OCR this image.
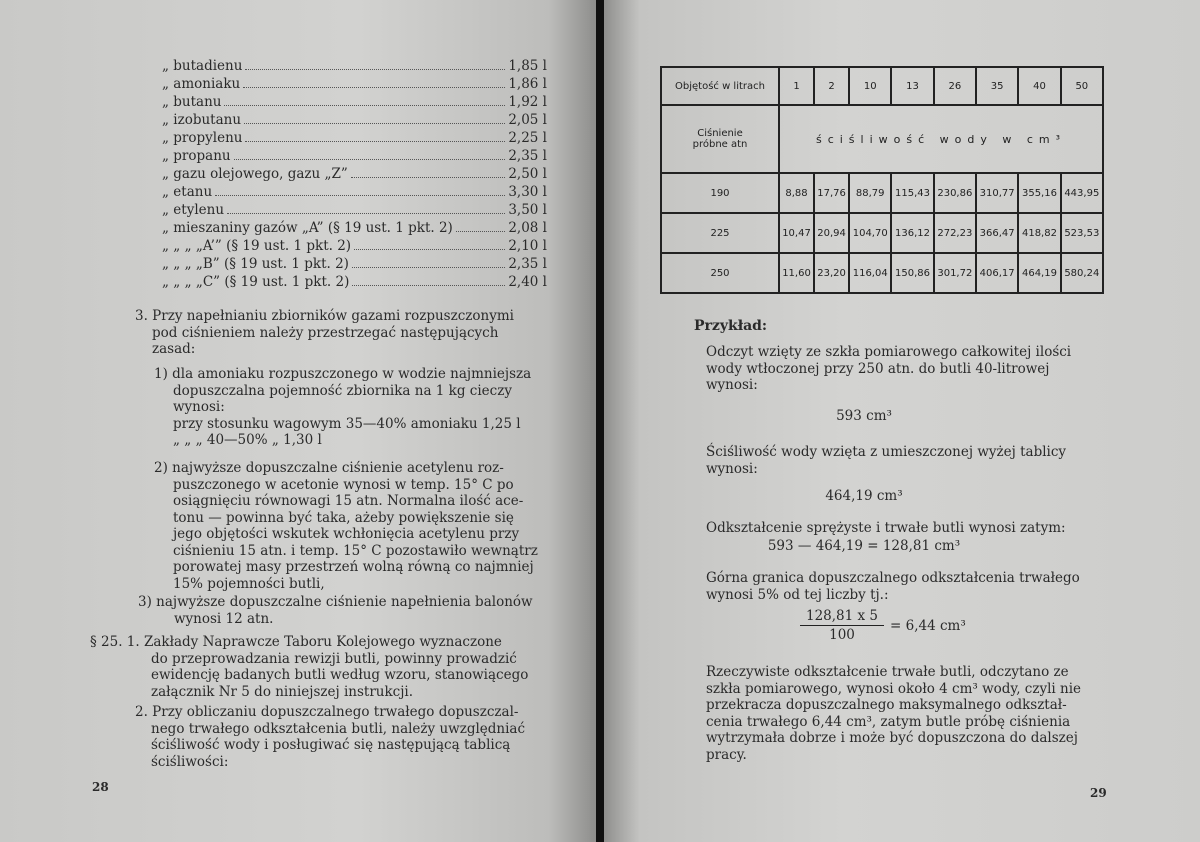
„ butadienu	1,85 l
„ amoniaku	1,86 l
„ butanu	1,92 l
„ izobutanu	2,05 l
„ propylenu	2,25 l
„ propanu	2,35 l
„ gazu olejowego, gazu „Z”	2,50 l
„ etanu	3,30 l
„ etylenu	3,50 l
„ mieszaniny gazów „A” (§ 19 ust. 1 pkt. 2)	2,08 l
„ „ „ „A’” (§ 19 ust. 1 pkt. 2)	2,10 l
„ „ „ „B” (§ 19 ust. 1 pkt. 2)	2,35 l
„ „ „ „C” (§ 19 ust. 1 pkt. 2)	2,40 l
3. Przy napełnianiu zbiorników gazami rozpuszczonymi
pod ciśnieniem należy przestrzegać następujących
zasad:
1) dla amoniaku rozpuszczonego w wodzie najmniejsza
dopuszczalna pojemność zbiornika na 1 kg cieczy
wynosi:
przy stosunku wagowym 35—40% amoniaku 1,25 l
„ „ „ 40—50% „ 1,30 l
2) najwyższe dopuszczalne ciśnienie acetylenu roz-
puszczonego w acetonie wynosi w temp. 15° C po
osiągnięciu równowagi 15 atn. Normalna ilość ace-
tonu — powinna być taka, ażeby powiększenie się
jego objętości wskutek wchłonięcia acetylenu przy
ciśnieniu 15 atn. i temp. 15° C pozostawiło wewnątrz
porowatej masy przestrzeń wolną równą co najmniej
15% pojemności butli,
3) najwyższe dopuszczalne ciśnienie napełnienia balonów
wynosi 12 atn.
§ 25. 1. Zakłady Naprawcze Taboru Kolejowego wyznaczone
do przeprowadzania rewizji butli, powinny prowadzić
ewidencję badanych butli według wzoru, stanowiącego
załącznik Nr 5 do niniejszej instrukcji.
2. Przy obliczaniu dopuszczalnego trwałego dopuszczal-
nego trwałego odkształcenia butli, należy uwzględniać
ściśliwość wody i posługiwać się następującą tablicą
ściśliwości:
28
Objętość w litrach	1	2	10	13	26	35	40	50

Ciśnienie
próbne atn	ściśliwość wody w cm³							
190	8,88	17,76	88,79	115,43	230,86	310,77	355,16	443,95
225	10,47	20,94	104,70	136,12	272,23	366,47	418,82	523,53
250	11,60	23,20	116,04	150,86	301,72	406,17	464,19	580,24
Przykład:
Odczyt wzięty ze szkła pomiarowego całkowitej ilości
wody wtłoczonej przy 250 atn. do butli 40-litrowej
wynosi:
593 cm³
Ściśliwość wody wzięta z umieszczonej wyżej tablicy
wynosi:
464,19 cm³
Odkształcenie sprężyste i trwałe butli wynosi zatym:
593 — 464,19 = 128,81 cm³
Górna granica dopuszczalnego odkształcenia trwałego
wynosi 5% od tej liczby tj.:
$\frac{128,81 x 5}{100} = 6,44$ cm³
Rzeczywiste odkształcenie trwałe butli, odczytano ze
szkła pomiarowego, wynosi około 4 cm³ wody, czyli nie
przekracza dopuszczalnego maksymalnego odkształ-
cenia trwałego 6,44 cm³, zatym butle próbę ciśnienia
wytrzymała dobrze i może być dopuszczona do dalszej
pracy.
29
